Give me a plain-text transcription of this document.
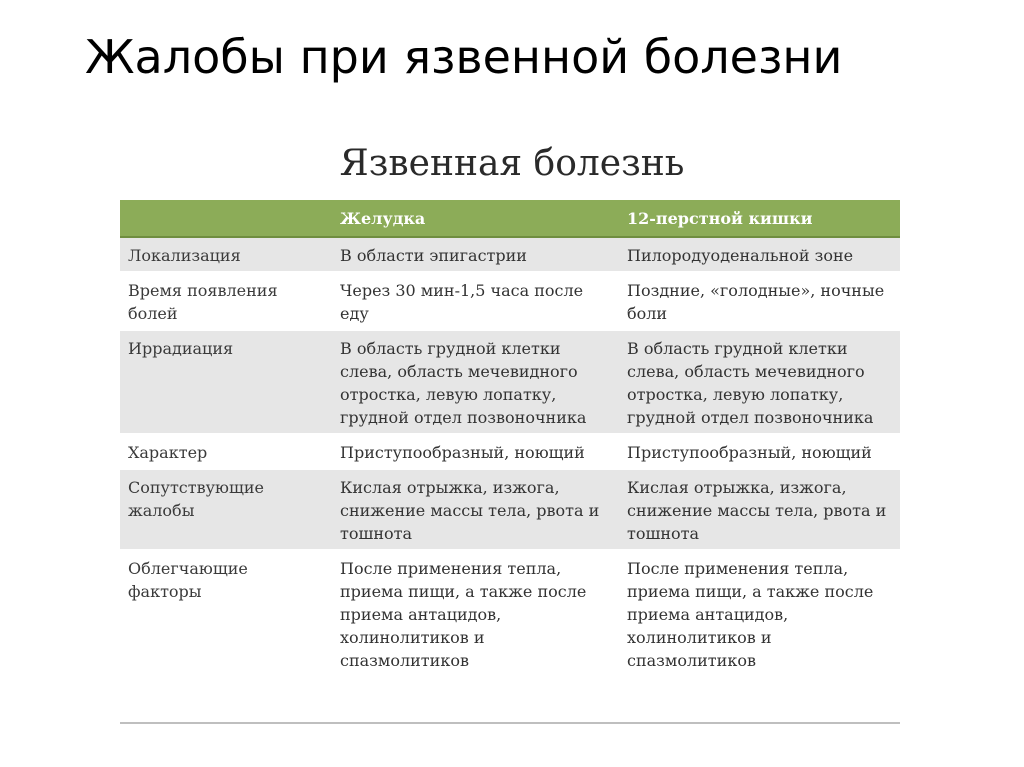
Жалобы при язвенной болезни
Язвенная болезнь
	Желудка	12-перстной кишки
Локализация	В области эпигастрии	Пилородуоденальной зоне
Время появления болей	Через 30 мин-1,5 часа после еду	Поздние, «голодные», ночные боли
Иррадиация	В область грудной клетки слева, область мечевидного отростка, левую лопатку, грудной отдел позвоночника	В область грудной клетки слева, область мечевидного отростка, левую лопатку, грудной отдел позвоночника
Характер	Приступообразный, ноющий	Приступообразный, ноющий
Сопутствующие жалобы	Кислая отрыжка, изжога, снижение массы тела, рвота и тошнота	Кислая отрыжка, изжога, снижение массы тела, рвота и тошнота
Облегчающие факторы	После применения тепла, приема пищи, а также после приема антацидов, холинолитиков и спазмолитиков	После применения тепла, приема пищи, а также после приема антацидов, холинолитиков и спазмолитиков
